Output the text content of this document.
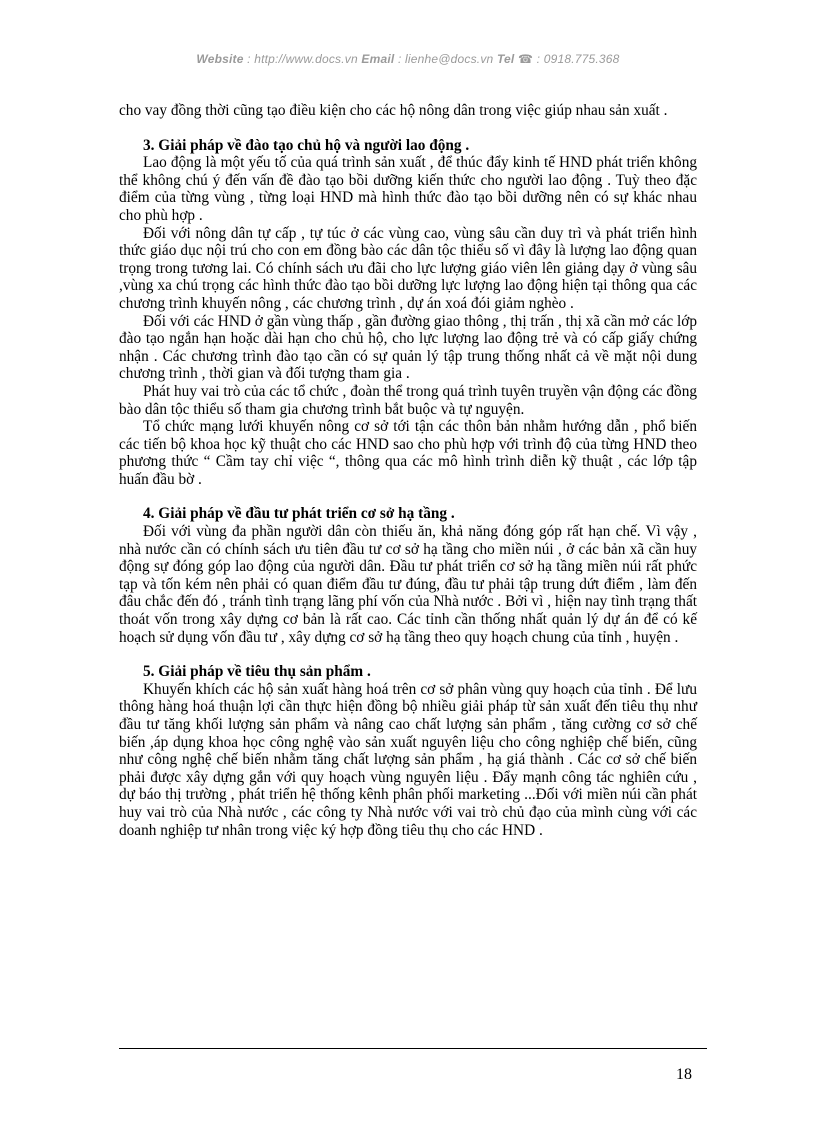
Website : http://www.docs.vn Email : lienhe@docs.vn Tel ☎ : 0918.775.368

cho vay đồng thời cũng tạo điều kiện cho các hộ nông dân trong việc giúp nhau sản xuất .

3. Giải pháp về đào tạo chủ hộ và người lao động .

Lao động là một yếu tố của quá trình sản xuất , để thúc đẩy kinh tế HND phát triển không thể không chú ý đến vấn đề đào tạo bồi dưỡng kiến thức cho người lao động . Tuỳ theo đặc điểm của từng vùng , từng loại HND mà hình thức đào tạo bồi dưỡng nên có sự khác nhau cho phù hợp .

Đối với nông dân tự cấp , tự túc ở các vùng cao, vùng sâu cần duy trì và phát triển hình thức giáo dục nội trú cho con em đồng bào các dân tộc thiểu số vì đây là lượng lao động quan trọng trong tương lai. Có chính sách ưu đãi cho lực lượng giáo viên lên giảng dạy ở vùng sâu ,vùng xa chú trọng các hình thức đào tạo bồi dưỡng lực lượng lao động hiện tại thông qua các chương trình khuyến nông , các chương trình , dự án xoá đói giảm nghèo .

Đối với các HND ở gần vùng thấp , gần đường giao thông , thị trấn , thị xã cần mở các lớp đào tạo ngắn hạn hoặc dài hạn cho chủ hộ, cho lực lượng lao động trẻ và có cấp giấy chứng nhận . Các chương trình đào tạo cần có sự quản lý tập trung thống nhất cả về mặt nội dung chương trình , thời gian và đối tượng tham gia .

Phát huy vai trò của các tổ chức , đoàn thể trong quá trình tuyên truyền vận động các đồng bào dân tộc thiểu số tham gia chương trình bắt buộc và tự nguyện.

Tổ chức mạng lưới khuyến nông cơ sở tới tận các thôn bản nhằm hướng dẫn , phổ biến các tiến bộ khoa học kỹ thuật cho các HND sao cho phù hợp với trình độ của từng HND theo phương thức “ Cầm tay chỉ việc “, thông qua các mô hình trình diễn kỹ thuật , các lớp tập huấn đầu bờ .

4. Giải pháp về đầu tư phát triển cơ sở hạ tầng .

Đối với vùng đa phần người dân còn thiếu ăn, khả năng đóng góp rất hạn chế. Vì vậy , nhà nước cần có chính sách ưu tiên đầu tư cơ sở hạ tầng cho miền núi , ở các bản xã cần huy động sự đóng góp lao động của người dân. Đầu tư phát triển cơ sở hạ tầng miền núi rất phức tạp và tốn kém nên phải có quan điểm đầu tư đúng, đầu tư phải tập trung dứt điểm , làm đến đâu chắc đến đó , tránh tình trạng lãng phí vốn của Nhà nước . Bởi vì , hiện nay tình trạng thất thoát vốn trong xây dựng cơ bản là rất cao. Các tỉnh cần thống nhất quản lý dự án để có kế hoạch sử dụng vốn đầu tư , xây dựng cơ sở hạ tầng theo quy hoạch chung của tỉnh , huyện .

5. Giải pháp về tiêu thụ sản phẩm .

Khuyến khích các hộ sản xuất hàng hoá trên cơ sở phân vùng quy hoạch của tỉnh . Để lưu thông hàng hoá thuận lợi cần thực hiện đồng bộ nhiều giải pháp từ sản xuất đến tiêu thụ như đầu tư tăng khối lượng sản phẩm và nâng cao chất lượng sản phẩm , tăng cường cơ sở chế biến ,áp dụng khoa học công nghệ vào sản xuất nguyên liệu cho công nghiệp chế biến, cũng như công nghệ chế biến nhằm tăng chất lượng sản phẩm , hạ giá thành . Các cơ sở chế biến phải được xây dựng gắn với quy hoạch vùng nguyên liệu . Đẩy mạnh công tác nghiên cứu , dự báo thị trường , phát triển hệ thống kênh phân phối marketing ...Đối với miền núi cần phát huy vai trò của Nhà nước , các công ty Nhà nước với vai trò chủ đạo của mình cùng với các doanh nghiệp tư nhân trong việc ký hợp đồng tiêu thụ cho các HND .

18
